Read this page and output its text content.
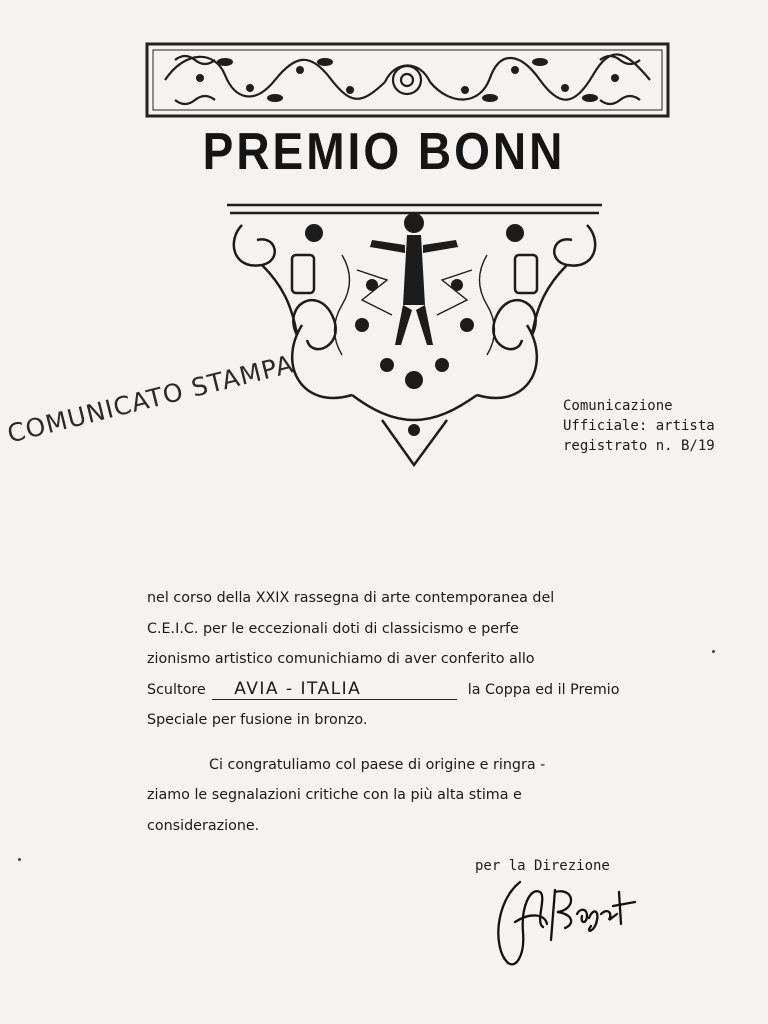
PREMIO BONN
COMUNICATO STAMPA	Comunicazione
Ufficiale: artista
registrato n. B/19
nel corso della XXIX rassegna di arte contemporanea del
C.E.I.C. per le eccezionali doti di classicismo e perfe
zionismo artistico comunichiamo di aver conferito allo
Scultore AVIA - ITALIA	la Coppa ed il Premio
Speciale per fusione in bronzo.
Ci congratuliamo col paese di origine e ringra -
ziamo le segnalazioni critiche con la più alta stima e
considerazione.
per la Direzione
